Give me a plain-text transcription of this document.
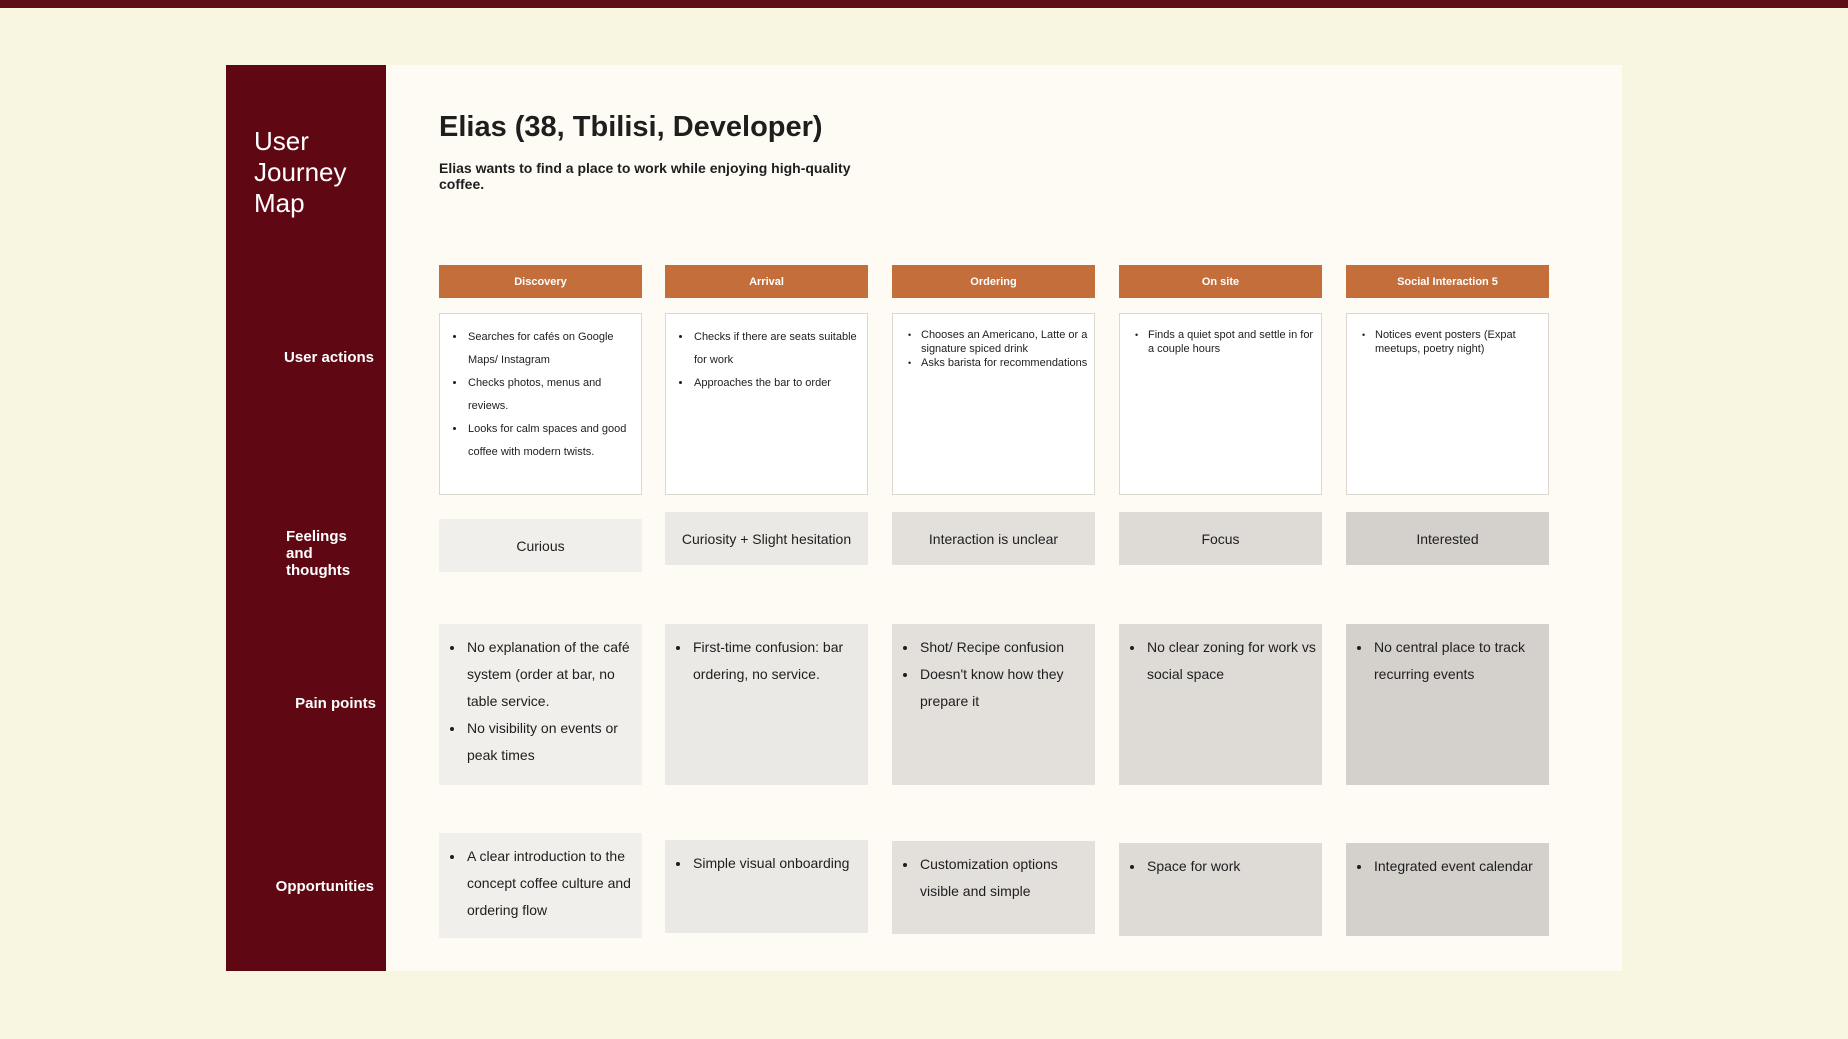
User Journey Map
User actions
Feelings and thoughts
Pain points
Opportunities
Elias (38, Tbilisi, Developer)

Elias wants to find a place to work while enjoying high-quality coffee.

Discovery
• Searches for cafés on Google Maps/ Instagram
• Checks photos, menus and reviews.
• Looks for calm spaces and good coffee with modern twists.
Curious
• No explanation of the café system (order at bar, no table service.
• No visibility on events or peak times
• A clear introduction to the concept coffee culture and ordering flow
Arrival
• Checks if there are seats suitable for work
• Approaches the bar to order
Curiosity + Slight hesitation
• First-time confusion: bar ordering, no service.
• Simple visual onboarding
Ordering
• Chooses an Americano, Latte or a signature spiced drink
• Asks barista for recommendations
Interaction is unclear
• Shot/ Recipe confusion
• Doesn't know how they prepare it
• Customization options visible and simple
On site
• Finds a quiet spot and settle in for a couple hours
Focus
• No clear zoning for work vs social space
• Space for work
Social Interaction 5
• Notices event posters (Expat meetups, poetry night)
Interested
• No central place to track recurring events
• Integrated event calendar
